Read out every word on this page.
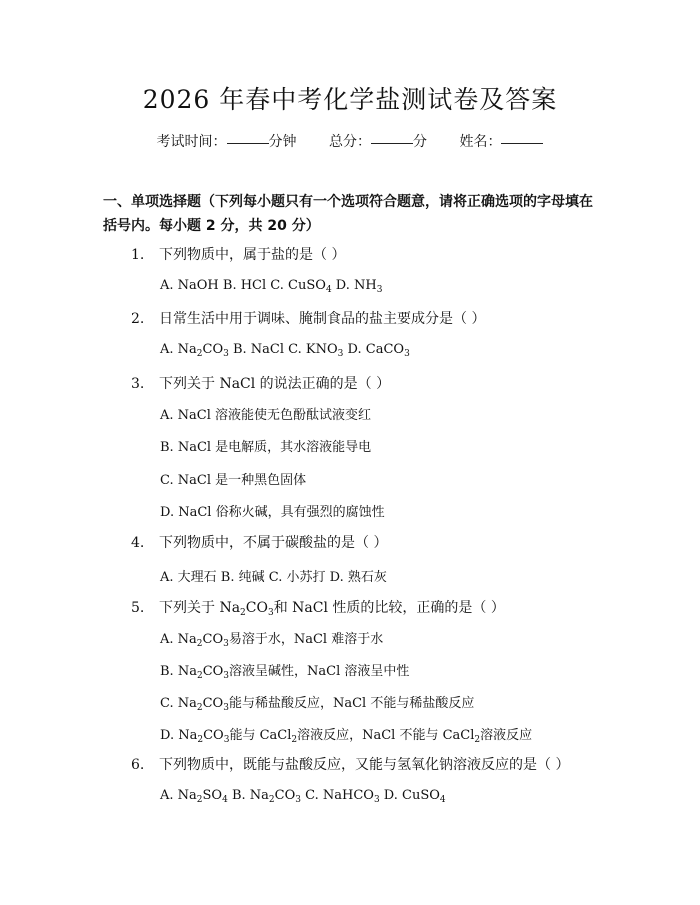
2026 年春中考化学盐测试卷及答案
考试时间：	分钟 总分：	分 姓名：
一、单项选择题（下列每小题只有一个选项符合题意，请将正确选项的字母填在括号内。每小题 2 分，共 20 分）
1. 下列物质中，属于盐的是（ ）
A. NaOH B. HCl C. CuSO$_4$ D. $NH_3$
2. 日常生活中用于调味、腌制食品的盐主要成分是（ ）
A. $Na_2CO_3$ B. NaCl C. $KNO_3$ D. CaCO$_3$
3. 下列关于 NaCl 的说法正确的是（ ）
A. NaCl 溶液能使无色酚酞试液变红
B. NaCl 是电解质，其水溶液能导电
C. NaCl 是一种黑色固体
D. NaCl 俗称火碱，具有强烈的腐蚀性
4. 下列物质中，不属于碳酸盐的是（ ）
A. 大理石 B. 纯碱 C. 小苏打 D. 熟石灰
5. 下列关于 $Na_2CO_3$和 NaCl 性质的比较，正确的是（ ）
A. $Na_2CO_3$易溶于水，NaCl 难溶于水
B. $Na_2CO_3$溶液呈碱性，NaCl 溶液呈中性
C. $Na_2CO_3$能与稀盐酸反应，NaCl 不能与稀盐酸反应
D. $Na_2CO_3$能与 CaCl$_2$溶液反应，NaCl 不能与 CaCl$_2$溶液反应
6. 下列物质中，既能与盐酸反应，又能与氢氧化钠溶液反应的是（ ）
A. $Na_2SO_4$ B. $Na_2CO_3$ C. NaHCO$_3$ D. CuSO$_4$
